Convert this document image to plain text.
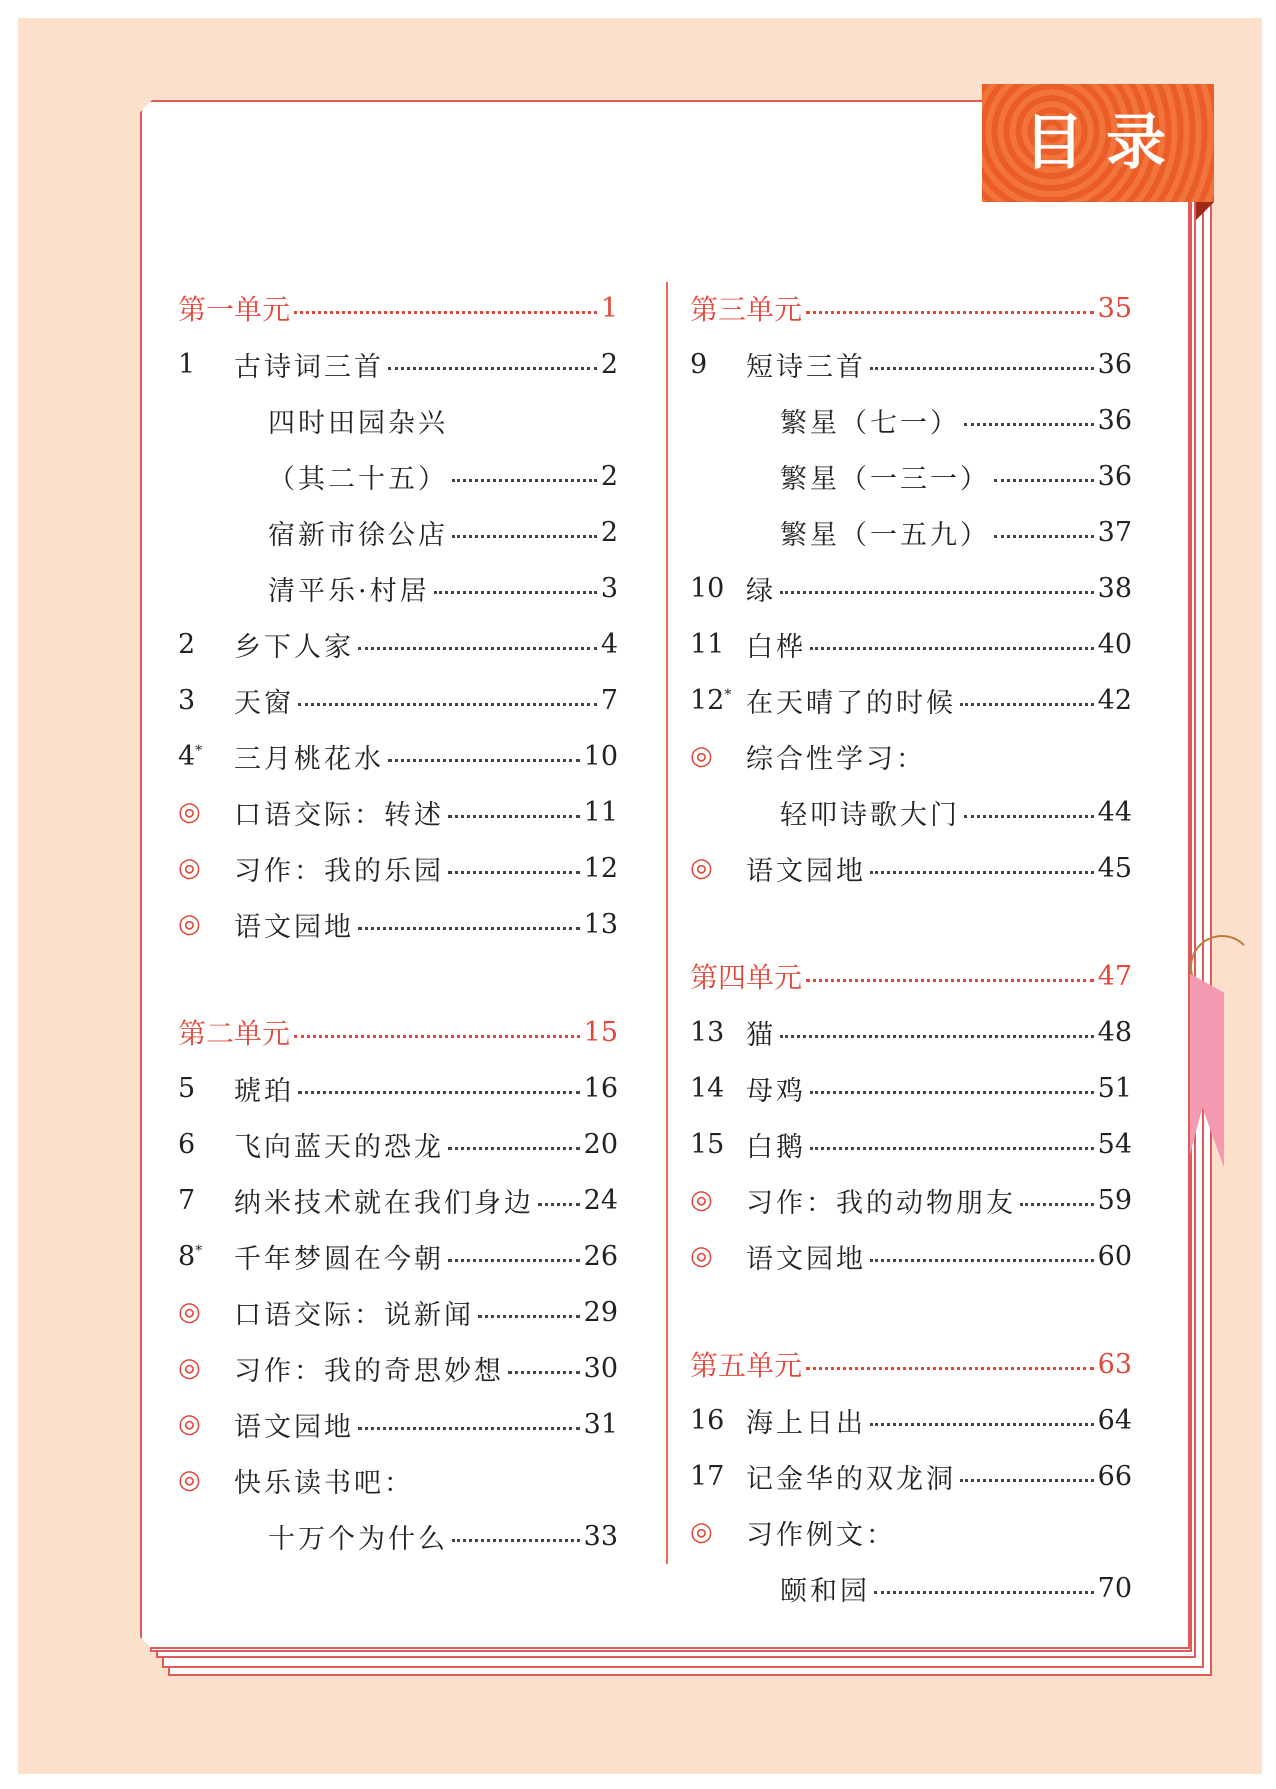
目录
第一单元	1
1	古诗词三首	2
四时田园杂兴
（其二十五）	2
宿新市徐公店	2
清平乐·村居	3
2	乡下人家	4
3	天窗	7
4*	三月桃花水	10
◎	口语交际：转述	11
◎	习作：我的乐园	12
◎	语文园地	13
第二单元	15
5	琥珀	16
6	飞向蓝天的恐龙	20
7	纳米技术就在我们身边 24
8*	千年梦圆在今朝	26
◎	口语交际：说新闻	29
◎	习作：我的奇思妙想	30
◎	语文园地	31
◎	快乐读书吧：
十万个为什么	33
第三单元	35
9	短诗三首	36
繁星（七一）	36
繁星（一三一）	36
繁星（一五九）	37
10 绿	38
11 白桦	40
12* 在天晴了的时候	42
◎	综合性学习：
轻叩诗歌大门	44
◎	语文园地	45
第四单元	47
13 猫	48
14 母鸡	51
15 白鹅	54
◎	习作：我的动物朋友	59
◎	语文园地	60
第五单元	63
16 海上日出	64
17 记金华的双龙洞	66
◎	习作例文：
颐和园	70
